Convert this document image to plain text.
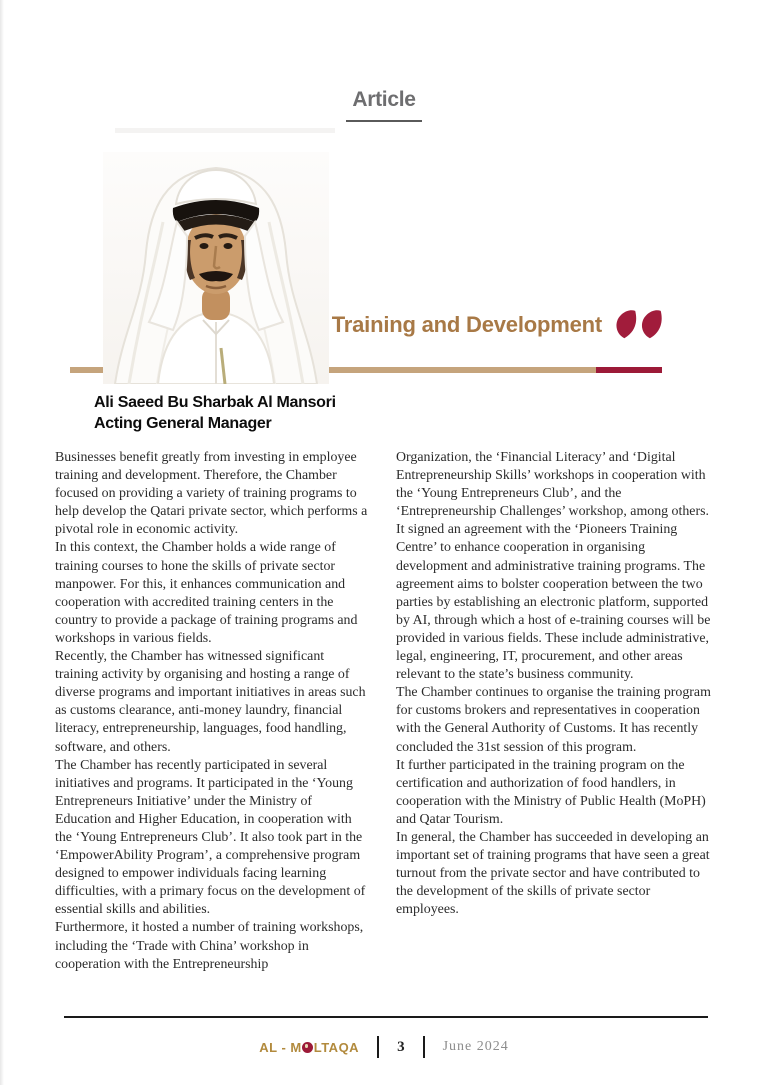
Article
Training and Development
Ali Saeed Bu Sharbak Al Mansori
Acting General Manager

Businesses benefit greatly from investing in employee training and development. Therefore, the Chamber focused on providing a variety of training programs to help develop the Qatari private sector, which performs a pivotal role in economic activity.

In this context, the Chamber holds a wide range of training courses to hone the skills of private sector manpower. For this, it enhances communication and cooperation with accredited training centers in the country to provide a package of training programs and workshops in various fields.

Recently, the Chamber has witnessed significant training activity by organising and hosting a range of diverse programs and important initiatives in areas such as customs clearance, anti-money laundry, financial literacy, entrepreneurship, languages, food handling, software, and others.

The Chamber has recently participated in several initiatives and programs. It participated in the ‘Young Entrepreneurs Initiative’ under the Ministry of Education and Higher Education, in cooperation with the ‘Young Entrepreneurs Club’. It also took part in the ‘EmpowerAbility Program’, a comprehensive program designed to empower individuals facing learning difficulties, with a primary focus on the development of essential skills and abilities.

Furthermore, it hosted a number of training workshops, including the ‘Trade with China’ workshop in cooperation with the Entrepreneurship

Organization, the ‘Financial Literacy’ and ‘Digital Entrepreneurship Skills’ workshops in cooperation with the ‘Young Entrepreneurs Club’, and the ‘Entrepreneurship Challenges’ workshop, among others.

It signed an agreement with the ‘Pioneers Training Centre’ to enhance cooperation in organising development and administrative training programs. The agreement aims to bolster cooperation between the two parties by establishing an electronic platform, supported by AI, through which a host of e-training courses will be provided in various fields. These include administrative, legal, engineering, IT, procurement, and other areas relevant to the state’s business community.

The Chamber continues to organise the training program for customs brokers and representatives in cooperation with the General Authority of Customs. It has recently concluded the 31st session of this program.

It further participated in the training program on the certification and authorization of food handlers, in cooperation with the Ministry of Public Health (MoPH) and Qatar Tourism.

In general, the Chamber has succeeded in developing an important set of training programs that have seen a great turnout from the private sector and have contributed to the development of the skills of private sector employees.

AL - M LTAQA	3	June 2024
